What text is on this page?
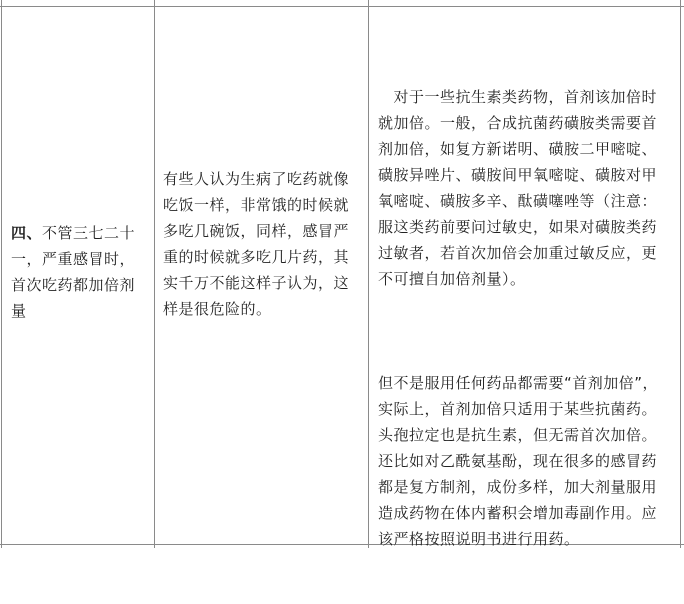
四、不管三七二十一，严重感冒时，首次吃药都加倍剂量

有些人认为生病了吃药就像吃饭一样，非常饿的时候就多吃几碗饭，同样，感冒严重的时候就多吃几片药，其实千万不能这样子认为，这样是很危险的。

　对于一些抗生素类药物，首剂该加倍时就加倍。一般，合成抗菌药磺胺类需要首剂加倍，如复方新诺明、磺胺二甲嘧啶、磺胺异唑片、磺胺间甲氧嘧啶、磺胺对甲氧嘧啶、磺胺多辛、酞磺噻唑等（注意：服这类药前要问过敏史，如果对磺胺类药过敏者，若首次加倍会加重过敏反应，更不可擅自加倍剂量）。

但不是服用任何药品都需要“首剂加倍”，实际上，首剂加倍只适用于某些抗菌药。头孢拉定也是抗生素，但无需首次加倍。还比如对乙酰氨基酚，现在很多的感冒药都是复方制剂，成份多样，加大剂量服用造成药物在体内蓄积会增加毒副作用。应该严格按照说明书进行用药。
